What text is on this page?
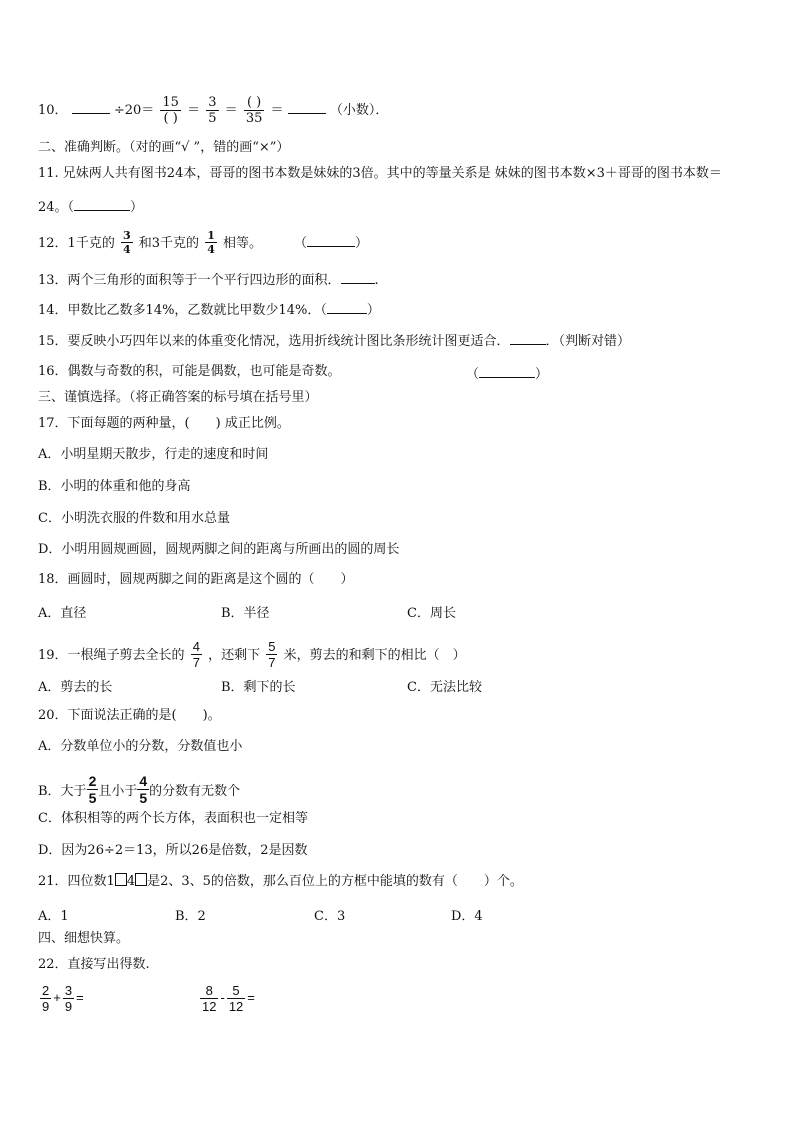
10．	$\div 20= \frac{15}{( )} = \frac{3}{5} = \frac{( )}{35}$ ＝	（小数）．
二、准确判断。（对的画“√ ”，错的画“×”）
11. 兄妹两人共有图书24本，哥哥的图书本数是妹妹的3倍。其中的等量关系是 妹妹的图书本数×3＋哥哥的图书本数＝
24。（	）
12．1千克的 $\frac{3}{4}$ 和3千克的 $\frac{1}{4}$ 相等。 （	）
13．两个三角形的面积等于一个平行四边形的面积．	.
14．甲数比乙数多14%，乙数就比甲数少14%．（	）
15．要反映小巧四年以来的体重变化情况，选用折线统计图比条形统计图更适合．	．（判断对错）
16．偶数与奇数的积，可能是偶数，也可能是奇数。	（	）
三、谨慎选择。（将正确答案的标号填在括号里）
17．下面每题的两种量，(　　) 成正比例。
A．小明星期天散步，行走的速度和时间
B．小明的体重和他的身高
C．小明洗衣服的件数和用水总量
D．小明用圆规画圆，圆规两脚之间的距离与所画出的圆的周长
18．画圆时，圆规两脚之间的距离是这个圆的（　　）
A．直径	B．半径	C．周长
19．一根绳子剪去全长的 $\frac{4}{7}$ ，还剩下 $\frac{5}{7}$ 米，剪去的和剩下的相比（　）
A．剪去的长	B．剩下的长	C．无法比较
20．下面说法正确的是(　　)。
A．分数单位小的分数，分数值也小
B．大于 $\frac{2}{5}$ 且小于 $\frac{4}{5}$ 的分数有无数个
C．体积相等的两个长方体，表面积也一定相等
D．因为26÷2＝13，所以26是倍数，2是因数
21．四位数1 4 是2、3、5的倍数，那么百位上的方框中能填的数有（　　）个。
A．1	B．2	C．3	D．4
四、细想快算。
22．直接写出得数.
$\frac{2}{9} + \frac{3}{9}$ =	$\frac{8}{12} - \frac{5}{12}$ =
